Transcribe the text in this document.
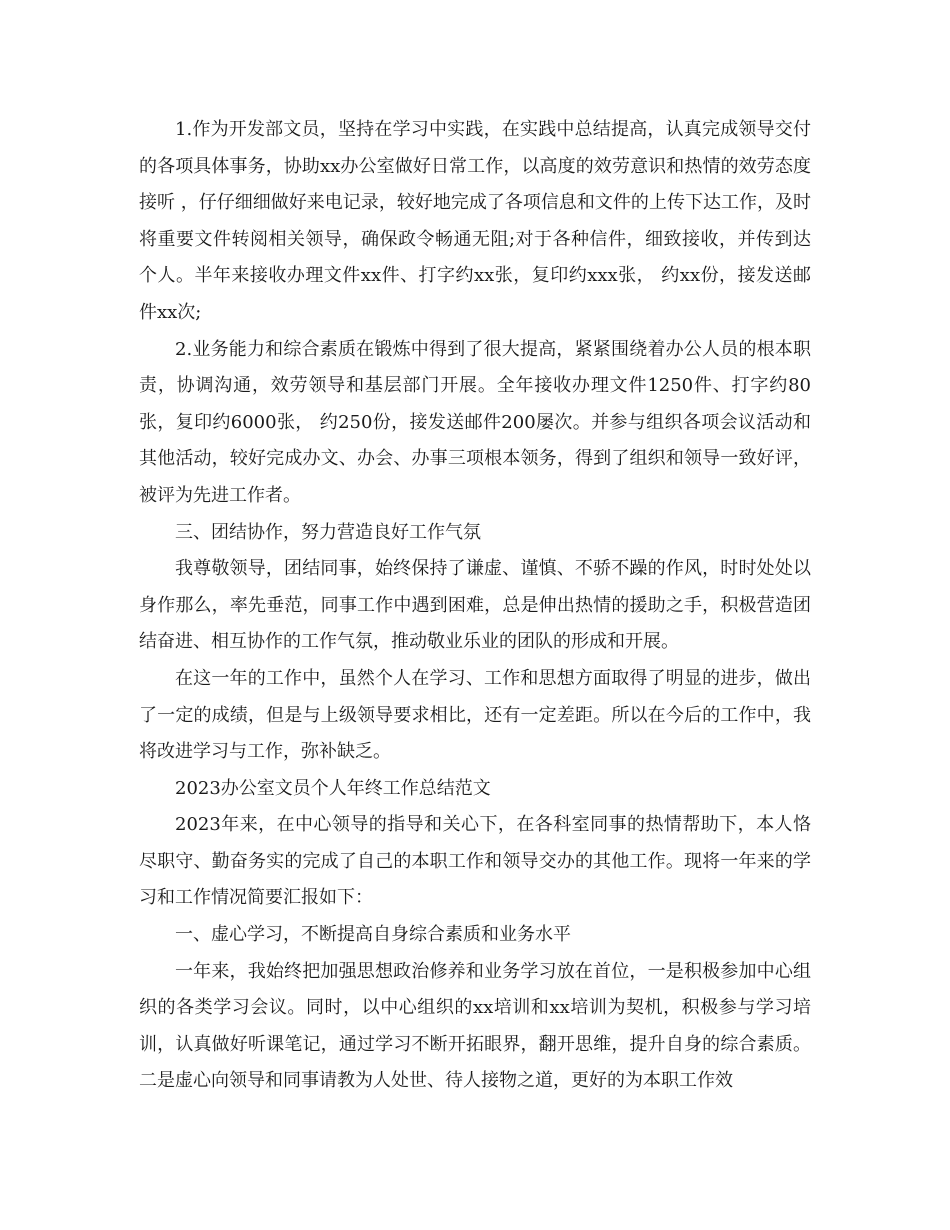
1.作为开发部文员，坚持在学习中实践，在实践中总结提高，认真完成领导交付的各项具体事务，协助xx办公室做好日常工作，以高度的效劳意识和热情的效劳态度接听 ，仔仔细细做好来电记录，较好地完成了各项信息和文件的上传下达工作，及时将重要文件转阅相关领导，确保政令畅通无阻;对于各种信件，细致接收，并传到达个人。半年来接收办理文件xx件、打字约xx张，复印约xxx张， 约xx份，接发送邮件xx次;

2.业务能力和综合素质在锻炼中得到了很大提高，紧紧围绕着办公人员的根本职责，协调沟通，效劳领导和基层部门开展。全年接收办理文件1250件、打字约80张，复印约6000张， 约250份，接发送邮件200屡次。并参与组织各项会议活动和其他活动，较好完成办文、办会、办事三项根本领务，得到了组织和领导一致好评，被评为先进工作者。

三、团结协作，努力营造良好工作气氛

我尊敬领导，团结同事，始终保持了谦虚、谨慎、不骄不躁的作风，时时处处以身作那么，率先垂范，同事工作中遇到困难，总是伸出热情的援助之手，积极营造团结奋进、相互协作的工作气氛，推动敬业乐业的团队的形成和开展。

在这一年的工作中，虽然个人在学习、工作和思想方面取得了明显的进步，做出了一定的成绩，但是与上级领导要求相比，还有一定差距。所以在今后的工作中，我将改进学习与工作，弥补缺乏。

2023办公室文员个人年终工作总结范文

2023年来，在中心领导的指导和关心下，在各科室同事的热情帮助下，本人恪尽职守、勤奋务实的完成了自己的本职工作和领导交办的其他工作。现将一年来的学习和工作情况简要汇报如下：

一、虚心学习，不断提高自身综合素质和业务水平

一年来，我始终把加强思想政治修养和业务学习放在首位，一是积极参加中心组织的各类学习会议。同时，以中心组织的xx培训和xx培训为契机，积极参与学习培训，认真做好听课笔记，通过学习不断开拓眼界，翻开思维，提升自身的综合素质。二是虚心向领导和同事请教为人处世、待人接物之道，更好的为本职工作效
